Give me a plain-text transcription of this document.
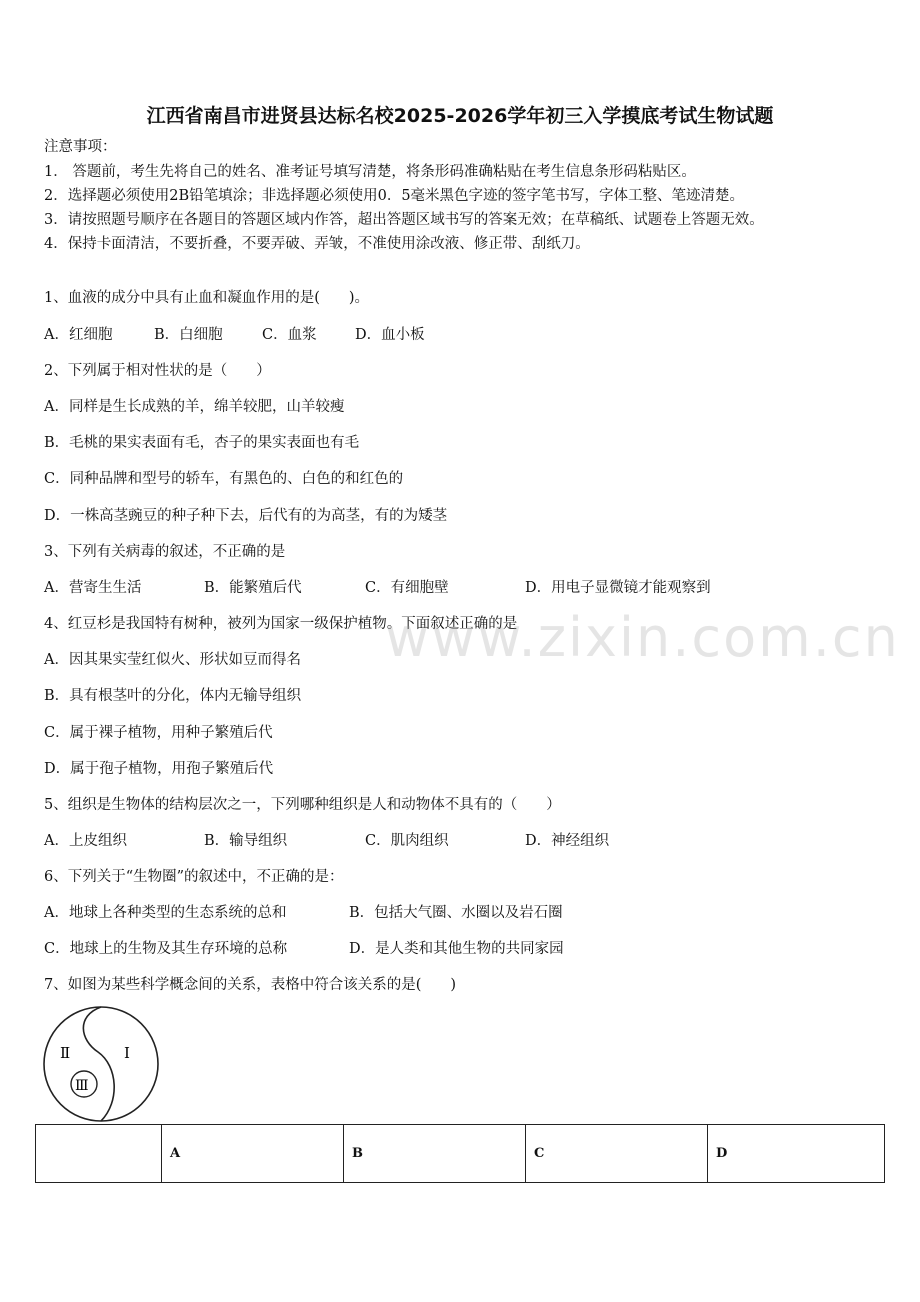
江西省南昌市进贤县达标名校2025-2026学年初三入学摸底考试生物试题
注意事项：
1． 答题前，考生先将自己的姓名、准考证号填写清楚，将条形码准确粘贴在考生信息条形码粘贴区。
2．选择题必须使用2B铅笔填涂；非选择题必须使用0．5毫米黑色字迹的签字笔书写，字体工整、笔迹清楚。
3．请按照题号顺序在各题目的答题区域内作答，超出答题区域书写的答案无效；在草稿纸、试题卷上答题无效。
4．保持卡面清洁，不要折叠，不要弄破、弄皱，不准使用涂改液、修正带、刮纸刀。
1、血液的成分中具有止血和凝血作用的是(　　)。
A．红细胞	B．白细胞	C．血浆	D．血小板
2、下列属于相对性状的是（　　）
A．同样是生长成熟的羊，绵羊较肥，山羊较瘦
B．毛桃的果实表面有毛，杏子的果实表面也有毛
C．同种品牌和型号的轿车，有黑色的、白色的和红色的
D．一株高茎豌豆的种子种下去，后代有的为高茎，有的为矮茎
3、下列有关病毒的叙述，不正确的是
A．营寄生生活	B．能繁殖后代	C．有细胞壁	D．用电子显微镜才能观察到
4、红豆杉是我国特有树种，被列为国家一级保护植物。下面叙述正确的是
A．因其果实莹红似火、形状如豆而得名
B．具有根茎叶的分化，体内无输导组织
C．属于裸子植物，用种子繁殖后代
D．属于孢子植物，用孢子繁殖后代
5、组织是生物体的结构层次之一，下列哪种组织是人和动物体不具有的（　　）
A．上皮组织	B．输导组织	C．肌肉组织	D．神经组织
6、下列关于“生物圈”的叙述中，不正确的是：
A．地球上各种类型的生态系统的总和	B．包括大气圈、水圈以及岩石圈
C．地球上的生物及其生存环境的总称	D．是人类和其他生物的共同家园
7、如图为某些科学概念间的关系，表格中符合该关系的是(　　)
Ⅱ	Ⅰ
Ⅲ
	A	B	C	D
www.zixin.com.cn
